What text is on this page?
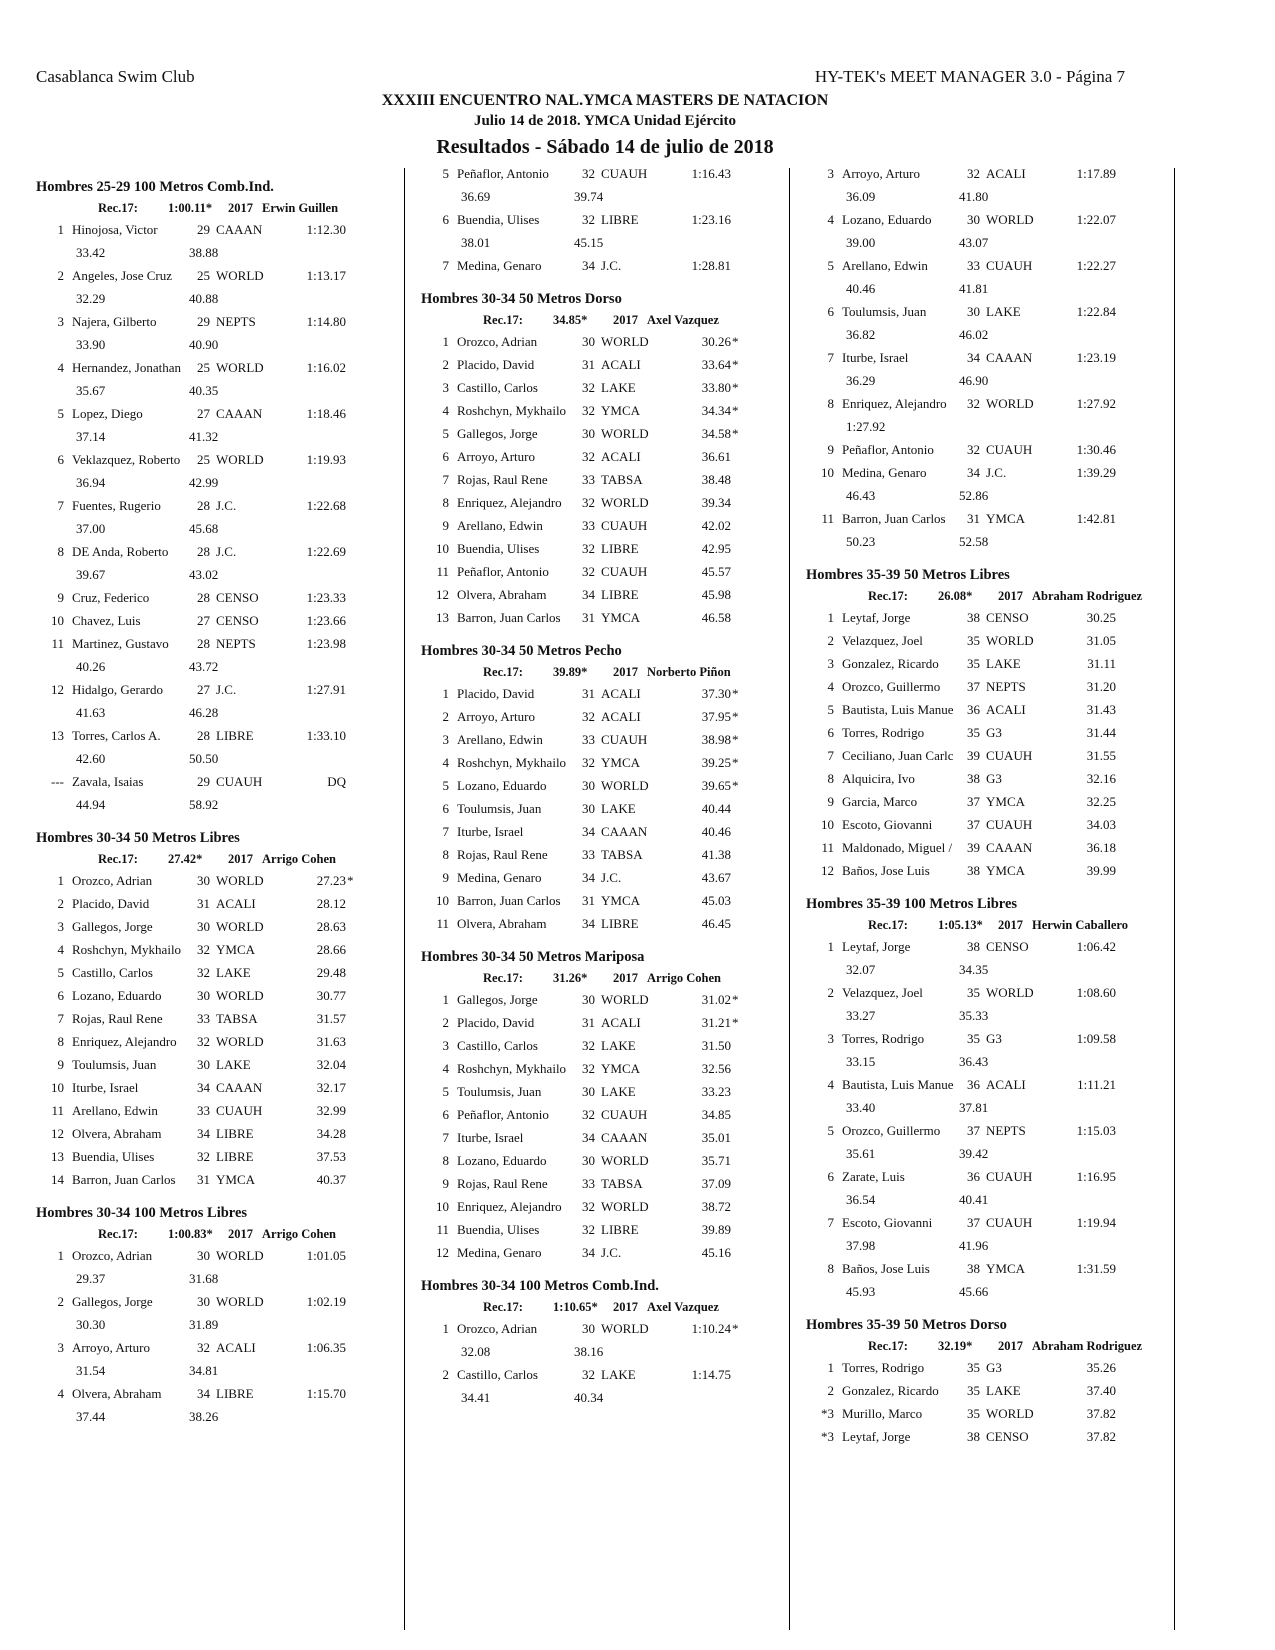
Casablanca Swim Club	HY-TEK's MEET MANAGER 3.0 - Página 7
XXXIII ENCUENTRO NAL.YMCA MASTERS DE NATACION
Julio 14 de 2018. YMCA Unidad Ejército
Resultados - Sábado 14 de julio de 2018
Hombres 25-29 100 Metros Comb.Ind.
Rec.17: 1:00.11* 2017 Erwin Guillen
1 Hinojosa, Victor	29 CAAAN	1:12.30
33.42	38.88
2 Angeles, Jose Cruz	25 WORLD	1:13.17
32.29	40.88
3 Najera, Gilberto	29 NEPTS	1:14.80
33.90	40.90
4 Hernandez, Jonathan	25 WORLD	1:16.02
35.67	40.35
5 Lopez, Diego	27 CAAAN	1:18.46
37.14	41.32
6 Veklazquez, Roberto	25 WORLD	1:19.93
36.94	42.99
7 Fuentes, Rugerio	28 J.C.	1:22.68
37.00	45.68
8 DE Anda, Roberto	28 J.C.	1:22.69
39.67	43.02
9 Cruz, Federico	28 CENSO	1:23.33
10 Chavez, Luis	27 CENSO	1:23.66
11 Martinez, Gustavo	28 NEPTS	1:23.98
40.26	43.72
12 Hidalgo, Gerardo	27 J.C.	1:27.91
41.63	46.28
13 Torres, Carlos A.	28 LIBRE	1:33.10
42.60	50.50
--- Zavala, Isaias	29 CUAUH	DQ
44.94	58.92
Hombres 30-34 50 Metros Libres
Rec.17: 27.42* 2017 Arrigo Cohen
1 Orozco, Adrian	30 WORLD	27.23 *
2 Placido, David	31 ACALI	28.12
3 Gallegos, Jorge	30 WORLD	28.63
4 Roshchyn, Mykhailo	32 YMCA	28.66
5 Castillo, Carlos	32 LAKE	29.48
6 Lozano, Eduardo	30 WORLD	30.77
7 Rojas, Raul Rene	33 TABSA	31.57
8 Enriquez, Alejandro	32 WORLD	31.63
9 Toulumsis, Juan	30 LAKE	32.04
10 Iturbe, Israel	34 CAAAN	32.17
11 Arellano, Edwin	33 CUAUH	32.99
12 Olvera, Abraham	34 LIBRE	34.28
13 Buendia, Ulises	32 LIBRE	37.53
14 Barron, Juan Carlos	31 YMCA	40.37
Hombres 30-34 100 Metros Libres
Rec.17: 1:00.83* 2017 Arrigo Cohen
1 Orozco, Adrian	30 WORLD	1:01.05
29.37	31.68
2 Gallegos, Jorge	30 WORLD	1:02.19
30.30	31.89
3 Arroyo, Arturo	32 ACALI	1:06.35
31.54	34.81
4 Olvera, Abraham	34 LIBRE	1:15.70
37.44	38.26
5 Peñaflor, Antonio	32 CUAUH	1:16.43
36.69	39.74
6 Buendia, Ulises	32 LIBRE	1:23.16
38.01	45.15
7 Medina, Genaro	34 J.C.	1:28.81
Hombres 30-34 50 Metros Dorso
Rec.17: 34.85* 2017 Axel Vazquez
1 Orozco, Adrian	30 WORLD	30.26 *
2 Placido, David	31 ACALI	33.64 *
3 Castillo, Carlos	32 LAKE	33.80 *
4 Roshchyn, Mykhailo	32 YMCA	34.34 *
5 Gallegos, Jorge	30 WORLD	34.58 *
6 Arroyo, Arturo	32 ACALI	36.61
7 Rojas, Raul Rene	33 TABSA	38.48
8 Enriquez, Alejandro	32 WORLD	39.34
9 Arellano, Edwin	33 CUAUH	42.02
10 Buendia, Ulises	32 LIBRE	42.95
11 Peñaflor, Antonio	32 CUAUH	45.57
12 Olvera, Abraham	34 LIBRE	45.98
13 Barron, Juan Carlos	31 YMCA	46.58
Hombres 30-34 50 Metros Pecho
Rec.17: 39.89* 2017 Norberto Piñon
1 Placido, David	31 ACALI	37.30 *
2 Arroyo, Arturo	32 ACALI	37.95 *
3 Arellano, Edwin	33 CUAUH	38.98 *
4 Roshchyn, Mykhailo	32 YMCA	39.25 *
5 Lozano, Eduardo	30 WORLD	39.65 *
6 Toulumsis, Juan	30 LAKE	40.44
7 Iturbe, Israel	34 CAAAN	40.46
8 Rojas, Raul Rene	33 TABSA	41.38
9 Medina, Genaro	34 J.C.	43.67
10 Barron, Juan Carlos	31 YMCA	45.03
11 Olvera, Abraham	34 LIBRE	46.45
Hombres 30-34 50 Metros Mariposa
Rec.17: 31.26* 2017 Arrigo Cohen
1 Gallegos, Jorge	30 WORLD	31.02 *
2 Placido, David	31 ACALI	31.21 *
3 Castillo, Carlos	32 LAKE	31.50
4 Roshchyn, Mykhailo	32 YMCA	32.56
5 Toulumsis, Juan	30 LAKE	33.23
6 Peñaflor, Antonio	32 CUAUH	34.85
7 Iturbe, Israel	34 CAAAN	35.01
8 Lozano, Eduardo	30 WORLD	35.71
9 Rojas, Raul Rene	33 TABSA	37.09
10 Enriquez, Alejandro	32 WORLD	38.72
11 Buendia, Ulises	32 LIBRE	39.89
12 Medina, Genaro	34 J.C.	45.16
Hombres 30-34 100 Metros Comb.Ind.
Rec.17: 1:10.65* 2017 Axel Vazquez
1 Orozco, Adrian	30 WORLD	1:10.24 *
32.08	38.16
2 Castillo, Carlos	32 LAKE	1:14.75
34.41	40.34
3 Arroyo, Arturo	32 ACALI	1:17.89
36.09	41.80
4 Lozano, Eduardo	30 WORLD	1:22.07
39.00	43.07
5 Arellano, Edwin	33 CUAUH	1:22.27
40.46	41.81
6 Toulumsis, Juan	30 LAKE	1:22.84
36.82	46.02
7 Iturbe, Israel	34 CAAAN	1:23.19
36.29	46.90
8 Enriquez, Alejandro	32 WORLD	1:27.92
1:27.92
9 Peñaflor, Antonio	32 CUAUH	1:30.46
10 Medina, Genaro	34 J.C.	1:39.29
46.43	52.86
11 Barron, Juan Carlos	31 YMCA	1:42.81
50.23	52.58
Hombres 35-39 50 Metros Libres
Rec.17: 26.08* 2017 Abraham Rodriguez
1 Leytaf, Jorge	38 CENSO	30.25
2 Velazquez, Joel	35 WORLD	31.05
3 Gonzalez, Ricardo	35 LAKE	31.11
4 Orozco, Guillermo	37 NEPTS	31.20
5 Bautista, Luis Manue	36 ACALI	31.43
6 Torres, Rodrigo	35 G3	31.44
7 Ceciliano, Juan Carlc	39 CUAUH	31.55
8 Alquicira, Ivo	38 G3	32.16
9 Garcia, Marco	37 YMCA	32.25
10 Escoto, Giovanni	37 CUAUH	34.03
11 Maldonado, Miguel /	39 CAAAN	36.18
12 Baños, Jose Luis	38 YMCA	39.99
Hombres 35-39 100 Metros Libres
Rec.17: 1:05.13* 2017 Herwin Caballero
1 Leytaf, Jorge	38 CENSO	1:06.42
32.07	34.35
2 Velazquez, Joel	35 WORLD	1:08.60
33.27	35.33
3 Torres, Rodrigo	35 G3	1:09.58
33.15	36.43
4 Bautista, Luis Manue	36 ACALI	1:11.21
33.40	37.81
5 Orozco, Guillermo	37 NEPTS	1:15.03
35.61	39.42
6 Zarate, Luis	36 CUAUH	1:16.95
36.54	40.41
7 Escoto, Giovanni	37 CUAUH	1:19.94
37.98	41.96
8 Baños, Jose Luis	38 YMCA	1:31.59
45.93	45.66
Hombres 35-39 50 Metros Dorso
Rec.17: 32.19* 2017 Abraham Rodriguez
1 Torres, Rodrigo	35 G3	35.26
2 Gonzalez, Ricardo	35 LAKE	37.40
*3 Murillo, Marco	35 WORLD	37.82
*3 Leytaf, Jorge	38 CENSO	37.82
